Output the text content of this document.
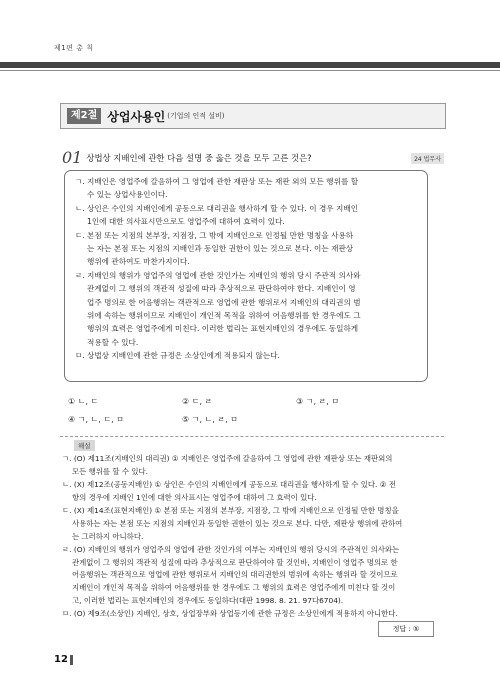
제1편 총 칙
제2절 상업사용인 (기업의 인적 설비)
01 상법상 지배인에 관한 다음 설명 중 옳은 것을 모두 고른 것은?	24 법무사
ㄱ. 지배인은 영업주에 갈음하여 그 영업에 관한 재판상 또는 재판 외의 모든 행위를 할
수 있는 상업사용인이다.
ㄴ. 상인은 수인의 지배인에게 공동으로 대리권을 행사하게 할 수 있다. 이 경우 지배인
1인에 대한 의사표시만으로도 영업주에 대하여 효력이 있다.
ㄷ. 본점 또는 지점의 본부장, 지점장, 그 밖에 지배인으로 인정될 만한 명칭을 사용하
는 자는 본점 또는 지점의 지배인과 동일한 권한이 있는 것으로 본다. 이는 재판상
행위에 관하여도 마찬가지이다.
ㄹ. 지배인의 행위가 영업주의 영업에 관한 것인가는 지배인의 행위 당시 주관적 의사와
관계없이 그 행위의 객관적 성질에 따라 추상적으로 판단하여야 한다. 지배인이 영
업주 명의로 한 어음행위는 객관적으로 영업에 관한 행위로서 지배인의 대리권의 범
위에 속하는 행위이므로 지배인이 개인적 목적을 위하여 어음행위를 한 경우에도 그
행위의 효력은 영업주에게 미친다. 이러한 법리는 표현지배인의 경우에도 동일하게
적용할 수 있다.
ㅁ. 상법상 지배인에 관한 규정은 소상인에게 적용되지 않는다.
① ㄴ, ㄷ	② ㄷ, ㄹ	③ ㄱ, ㄹ, ㅁ
④ ㄱ, ㄴ, ㄷ, ㅁ	⑤ ㄱ, ㄴ, ㄹ, ㅁ
해설
ㄱ. (O) 제11조(지배인의 대리권) ① 지배인은 영업주에 갈음하여 그 영업에 관한 재판상 또는 재판외의
모든 행위를 할 수 있다.
ㄴ. (X) 제12조(공동지배인) ① 상인은 수인의 지배인에게 공동으로 대리권을 행사하게 할 수 있다. ② 전
항의 경우에 지배인 1인에 대한 의사표시는 영업주에 대하여 그 효력이 있다.
ㄷ. (X) 제14조(표현지배인) ① 본점 또는 지점의 본부장, 지점장, 그 밖에 지배인으로 인정될 만한 명칭을
사용하는 자는 본점 또는 지점의 지배인과 동일한 권한이 있는 것으로 본다. 다만, 재판상 행위에 관하여
는 그러하지 아니하다.
ㄹ. (O) 지배인의 행위가 영업주의 영업에 관한 것인가의 여부는 지배인의 행위 당시의 주관적인 의사와는
관계없이 그 행위의 객관적 성질에 따라 추상적으로 판단하여야 할 것인바, 지배인이 영업주 명의로 한
어음행위는 객관적으로 영업에 관한 행위로서 지배인의 대리권한의 범위에 속하는 행위라 할 것이므로
지배인이 개인적 목적을 위하여 어음행위를 한 경우에도 그 행위의 효력은 영업주에게 미친다 할 것이
고, 이러한 법리는 표현지배인의 경우에도 동일하다(대판 1998. 8. 21. 97다6704).
ㅁ. (O) 제9조(소상인) 지배인, 상호, 상업장부와 상업등기에 관한 규정은 소상인에게 적용하지 아니한다.
정답 : ⑤
12
